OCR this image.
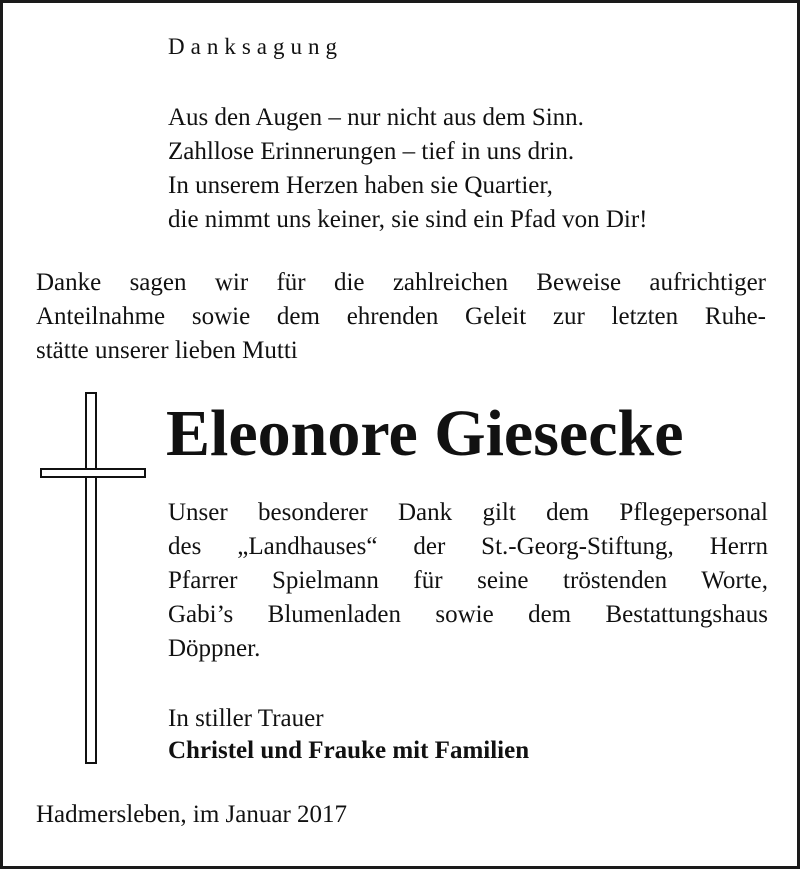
Danksagung
Aus den Augen – nur nicht aus dem Sinn.
Zahllose Erinnerungen – tief in uns drin.
In unserem Herzen haben sie Quartier,
die nimmt uns keiner, sie sind ein Pfad von Dir!
Danke sagen wir für die zahlreichen Beweise aufrichtiger
Anteilnahme sowie dem ehrenden Geleit zur letzten Ruhe-
stätte unserer lieben Mutti
Eleonore Giesecke
Unser besonderer Dank gilt dem Pflegepersonal
des „Landhauses“ der St.-Georg-Stiftung, Herrn
Pfarrer Spielmann für seine tröstenden Worte,
Gabi’s Blumenladen sowie dem Bestattungshaus
Döppner.
In stiller Trauer
Christel und Frauke mit Familien
Hadmersleben, im Januar 2017
